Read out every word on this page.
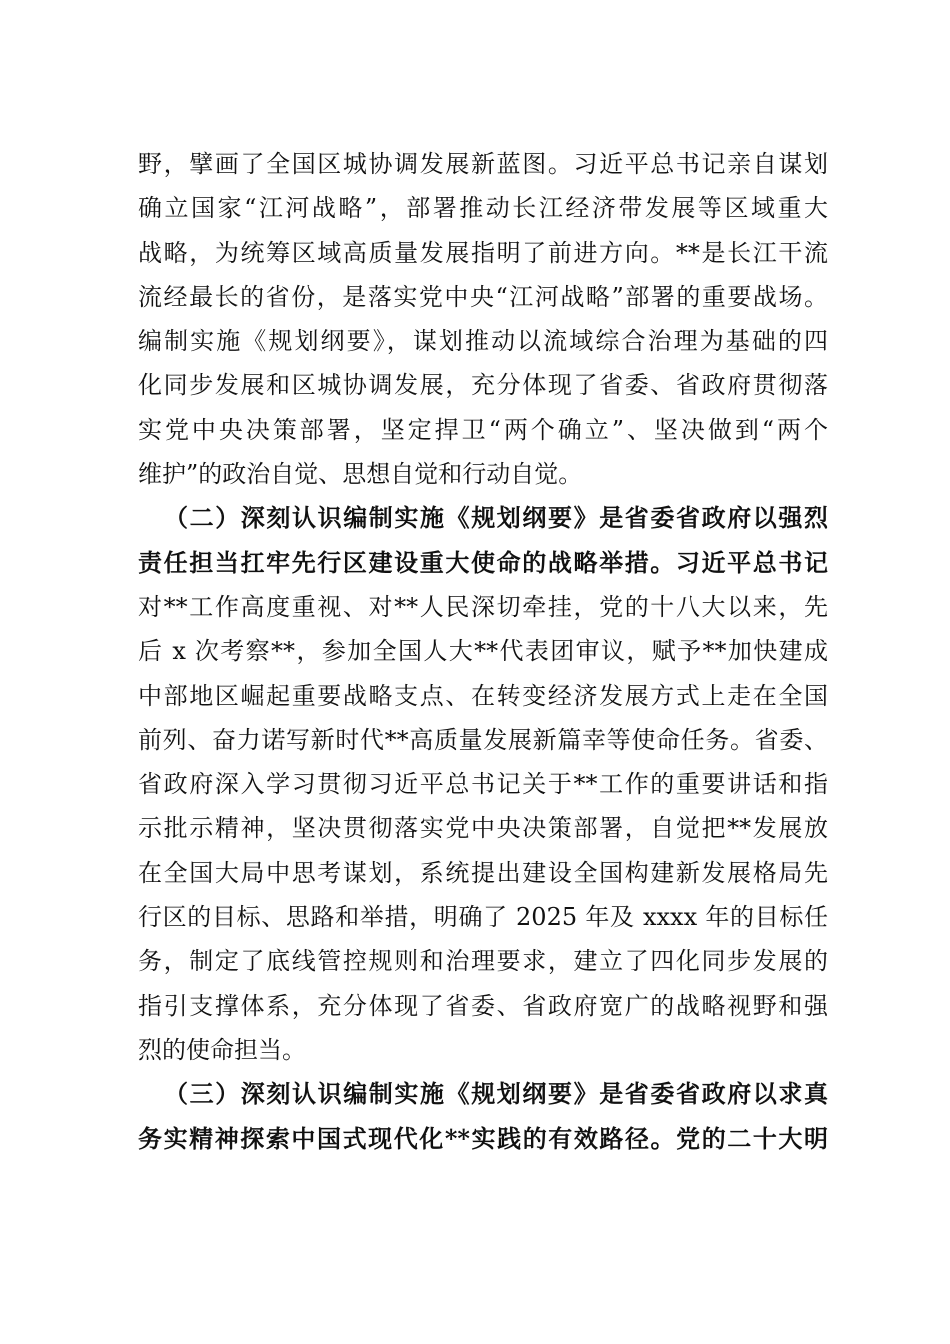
野，擘画了全国区城协调发展新蓝图。习近平总书记亲自谋划
确立国家“江河战略”，部署推动长江经济带发展等区域重大
战略，为统筹区域高质量发展指明了前进方向。**是长江干流
流经最长的省份，是落实党中央“江河战略”部署的重要战场。
编制实施《规划纲要》，谋划推动以流域综合治理为基础的四
化同步发展和区城协调发展，充分体现了省委、省政府贯彻落
实党中央决策部署，坚定捍卫“两个确立”、坚决做到“两个
维护”的政治自觉、思想自觉和行动自觉。
（二）深刻认识编制实施《规划纲要》是省委省政府以强烈
责任担当扛牢先行区建设重大使命的战略举措。习近平总书记
对**工作高度重视、对**人民深切牵挂，党的十八大以来，先
后 x 次考察**，参加全国人大**代表团审议，赋予**加快建成
中部地区崛起重要战略支点、在转变经济发展方式上走在全国
前列、奋力诺写新时代**高质量发展新篇幸等使命任务。省委、
省政府深入学习贯彻习近平总书记关于**工作的重要讲话和指
示批示精神，坚决贯彻落实党中央决策部署，自觉把**发展放
在全国大局中思考谋划，系统提出建设全国构建新发展格局先
行区的目标、思路和举措，明确了 2025 年及 xxxx 年的目标任
务，制定了底线管控规则和治理要求，建立了四化同步发展的
指引支撑体系，充分体现了省委、省政府宽广的战略视野和强
烈的使命担当。
（三）深刻认识编制实施《规划纲要》是省委省政府以求真
务实精神探索中国式现代化**实践的有效路径。党的二十大明
